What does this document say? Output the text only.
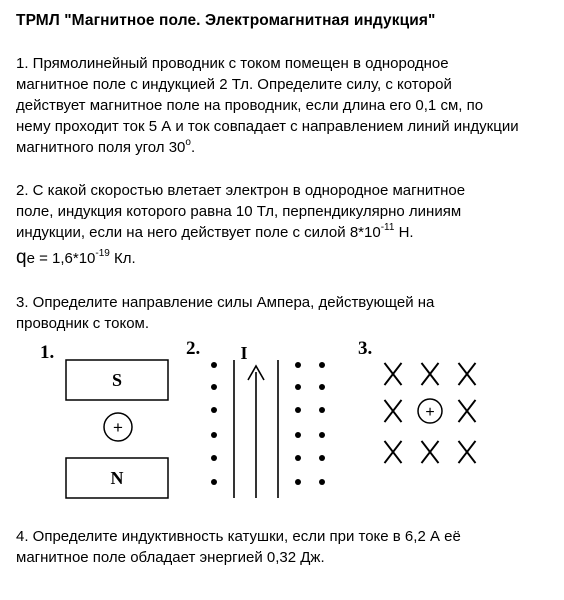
ТРМЛ "Магнитное поле. Электромагнитная индукция"
1. Прямолинейный проводник с током помещен в однородное
магнитное поле с индукцией 2 Тл. Определите силу, с которой
действует магнитное поле на проводник, если длина его 0,1 см, по
нему проходит ток 5 А и ток совпадает с направлением линий индукции
магнитного поля угол 30$^o$.
2. С какой скоростью влетает электрон в однородное магнитное
поле, индукция которого равна 10 Тл, перпендикулярно линиям
индукции, если на него действует поле с силой $8*10^{-11}$ Н.
qe = $1,6*10^{-19}$ Кл.
3. Определите направление силы Ампера, действующей на
проводник с током.
1.	2.	3.
S
+
N
I
+
4. Определите индуктивность катушки, если при токе в 6,2 А её
магнитное поле обладает энергией 0,32 Дж.
